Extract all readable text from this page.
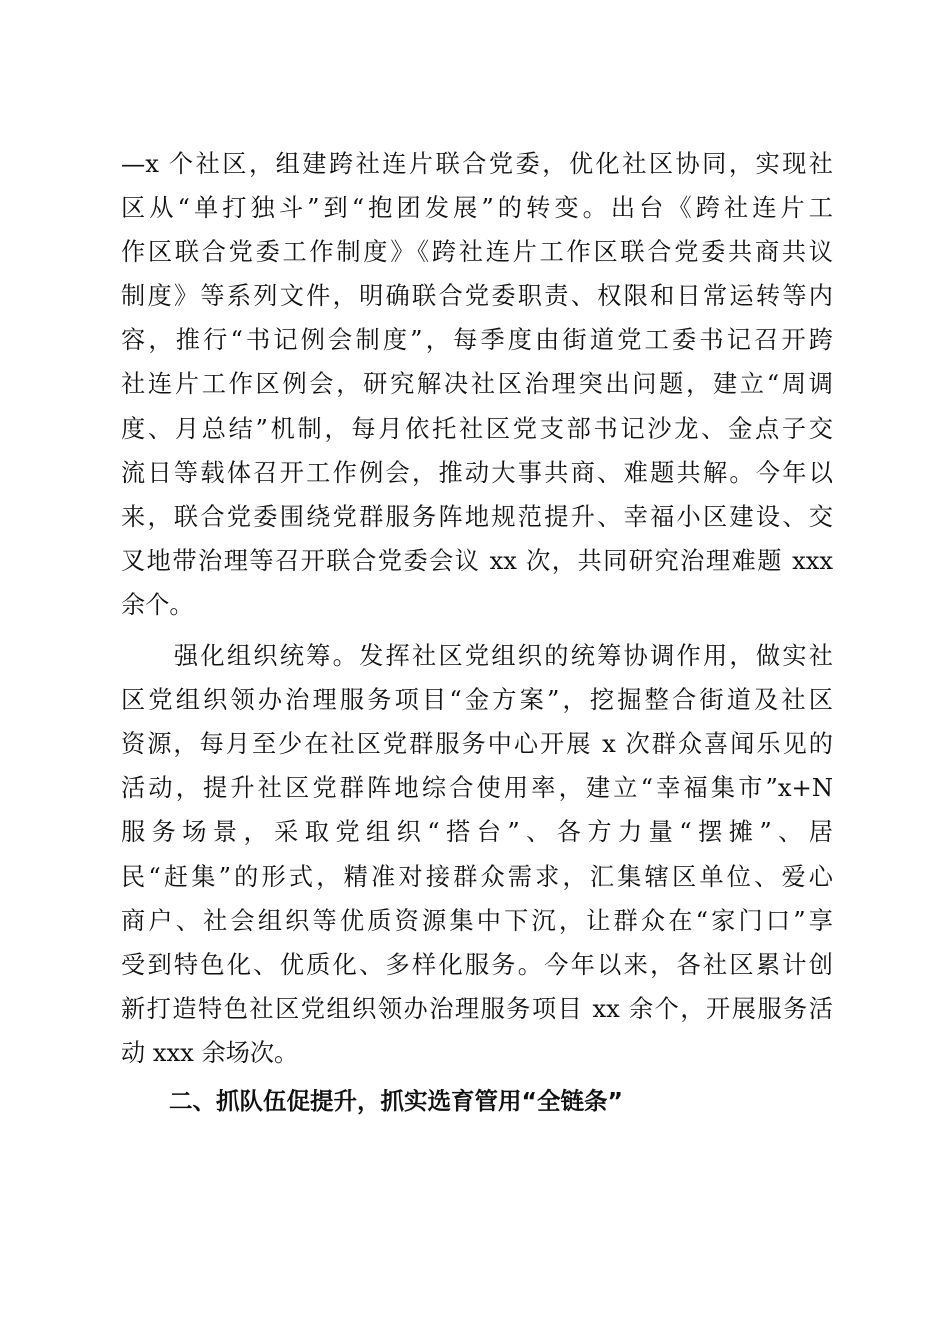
—x 个社区，组建跨社连片联合党委，优化社区协同，实现社
区从“单打独斗”到“抱团发展”的转变。出台《跨社连片工
作区联合党委工作制度》《跨社连片工作区联合党委共商共议
制度》等系列文件，明确联合党委职责、权限和日常运转等内
容，推行“书记例会制度”，每季度由街道党工委书记召开跨
社连片工作区例会，研究解决社区治理突出问题，建立“周调
度、月总结”机制，每月依托社区党支部书记沙龙、金点子交
流日等载体召开工作例会，推动大事共商、难题共解。今年以
来，联合党委围绕党群服务阵地规范提升、幸福小区建设、交
叉地带治理等召开联合党委会议 xx 次，共同研究治理难题 xxx
余个。
　　强化组织统筹。发挥社区党组织的统筹协调作用，做实社
区党组织领办治理服务项目“金方案”，挖掘整合街道及社区
资源，每月至少在社区党群服务中心开展 x 次群众喜闻乐见的
活动，提升社区党群阵地综合使用率，建立“幸福集市”x+N
服务场景，采取党组织“搭台”、各方力量“摆摊”、居
民“赶集”的形式，精准对接群众需求，汇集辖区单位、爱心
商户、社会组织等优质资源集中下沉，让群众在“家门口”享
受到特色化、优质化、多样化服务。今年以来，各社区累计创
新打造特色社区党组织领办治理服务项目 xx 余个，开展服务活
动 xxx 余场次。
二、抓队伍促提升，抓实选育管用“全链条”
